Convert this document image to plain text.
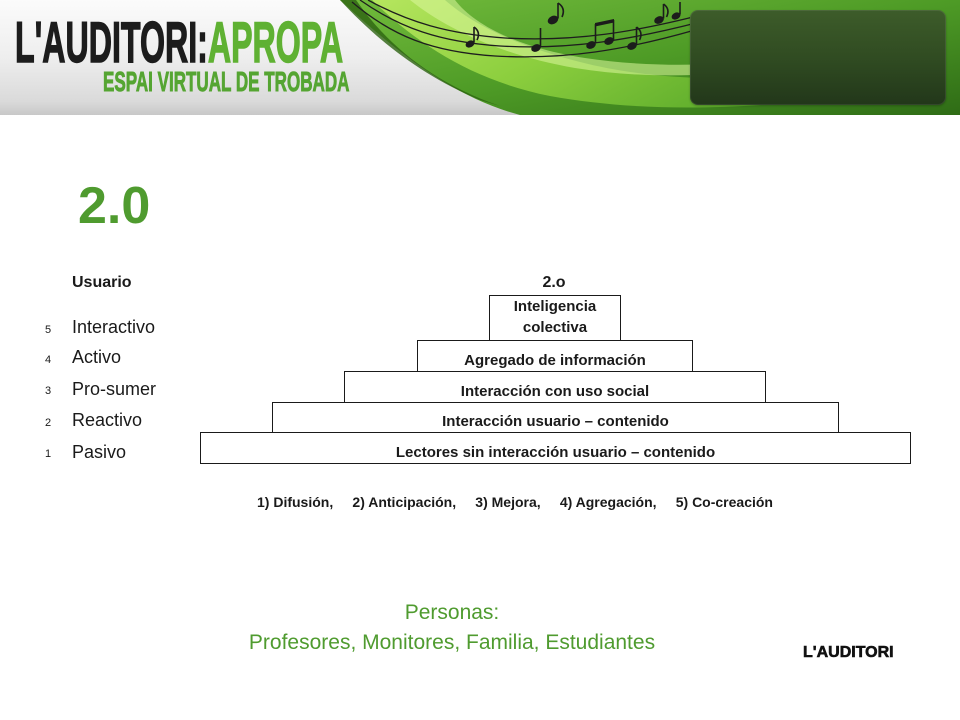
L'AUDITORI:APROPA
ESPAI VIRTUAL DE TROBADA
2.0
Usuario	2.o
5 Interactivo
4 Activo
3 Pro-sumer
2 Reactivo
1 Pasivo
Inteligencia colectiva
Agregado de información
Interacción con uso social
Interacción usuario – contenido
Lectores sin interacción usuario – contenido
1) Difusión, 2) Anticipación, 3) Mejora, 4) Agregación, 5) Co-creación
Personas:
Profesores, Monitores, Familia, Estudiantes	L'AUDITORI
